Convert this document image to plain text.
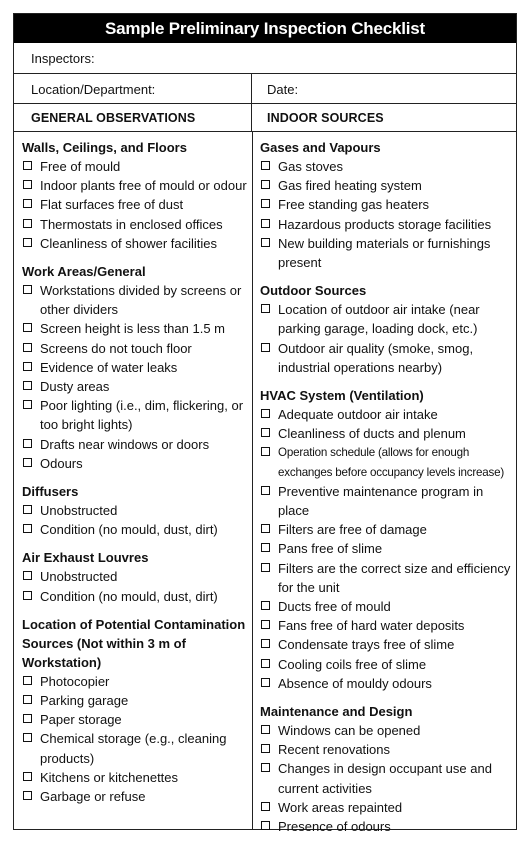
Sample Preliminary Inspection Checklist
Inspectors:
Location/Department:	Date:
GENERAL OBSERVATIONS	INDOOR SOURCES
Walls, Ceilings, and Floors
Free of mould
Indoor plants free of mould or odour
Flat surfaces free of dust
Thermostats in enclosed offices
Cleanliness of shower facilities
Work Areas/General
Workstations divided by screens or other dividers
Screen height is less than 1.5 m
Screens do not touch floor
Evidence of water leaks
Dusty areas
Poor lighting (i.e., dim, flickering, or too bright lights)
Drafts near windows or doors
Odours
Diffusers
Unobstructed
Condition (no mould, dust, dirt)
Air Exhaust Louvres
Unobstructed
Condition (no mould, dust, dirt)
Location of Potential Contamination Sources (Not within 3 m of Workstation)
Photocopier
Parking garage
Paper storage
Chemical storage (e.g., cleaning products)
Kitchens or kitchenettes
Garbage or refuse
Gases and Vapours
Gas stoves
Gas fired heating system
Free standing gas heaters
Hazardous products storage facilities
New building materials or furnishings present
Outdoor Sources
Location of outdoor air intake (near parking garage, loading dock, etc.)
Outdoor air quality (smoke, smog, industrial operations nearby)
HVAC System (Ventilation)
Adequate outdoor air intake
Cleanliness of ducts and plenum
Operation schedule (allows for enough exchanges before occupancy levels increase)
Preventive maintenance program in place
Filters are free of damage
Pans free of slime
Filters are the correct size and efficiency for the unit
Ducts free of mould
Fans free of hard water deposits
Condensate trays free of slime
Cooling coils free of slime
Absence of mouldy odours
Maintenance and Design
Windows can be opened
Recent renovations
Changes in design occupant use and current activities
Work areas repainted
Presence of odours
